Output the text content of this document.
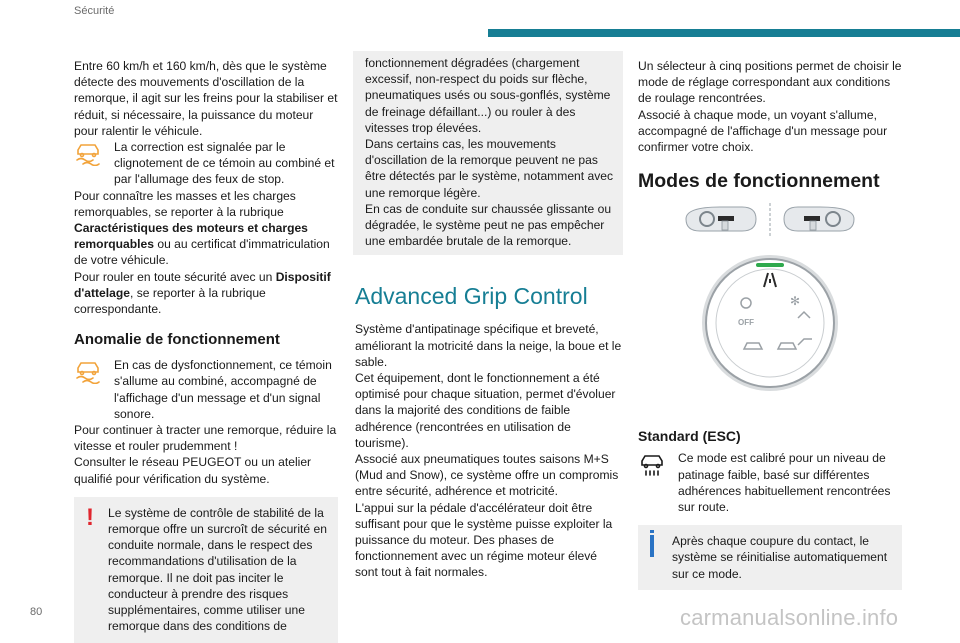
Sécurité

Entre 60 km/h et 160 km/h, dès que le système détecte des mouvements d'oscillation de la remorque, il agit sur les freins pour la stabiliser et réduit, si nécessaire, la puissance du moteur pour ralentir le véhicule.

La correction est signalée par le clignotement de ce témoin au combiné et par l'allumage des feux de stop.

Pour connaître les masses et les charges remorquables, se reporter à la rubrique Caractéristiques des moteurs et charges remorquables ou au certificat d'immatriculation de votre véhicule.

Pour rouler en toute sécurité avec un Dispositif d'attelage, se reporter à la rubrique correspondante.

Anomalie de fonctionnement

En cas de dysfonctionnement, ce témoin s'allume au combiné, accompagné de l'affichage d'un message et d'un signal sonore.

Pour continuer à tracter une remorque, réduire la vitesse et rouler prudemment !

Consulter le réseau PEUGEOT ou un atelier qualifié pour vérification du système.

! Le système de contrôle de stabilité de la remorque offre un surcroît de sécurité en conduite normale, dans le respect des recommandations d'utilisation de la remorque. Il ne doit pas inciter le conducteur à prendre des risques supplémentaires, comme utiliser une remorque dans des conditions de

fonctionnement dégradées (chargement excessif, non-respect du poids sur flèche, pneumatiques usés ou sous-gonflés, système de freinage défaillant...) ou rouler à des vitesses trop élevées.

Dans certains cas, les mouvements d'oscillation de la remorque peuvent ne pas être détectés par le système, notamment avec une remorque légère.

En cas de conduite sur chaussée glissante ou dégradée, le système peut ne pas empêcher une embardée brutale de la remorque.

Advanced Grip Control

Système d'antipatinage spécifique et breveté, améliorant la motricité dans la neige, la boue et le sable.

Cet équipement, dont le fonctionnement a été optimisé pour chaque situation, permet d'évoluer dans la majorité des conditions de faible adhérence (rencontrées en utilisation de tourisme).

Associé aux pneumatiques toutes saisons M+S (Mud and Snow), ce système offre un compromis entre sécurité, adhérence et motricité.

L'appui sur la pédale d'accélérateur doit être suffisant pour que le système puisse exploiter la puissance du moteur. Des phases de fonctionnement avec un régime moteur élevé sont tout à fait normales.

Un sélecteur à cinq positions permet de choisir le mode de réglage correspondant aux conditions de roulage rencontrées.

Associé à chaque mode, un voyant s'allume, accompagné de l'affichage d'un message pour confirmer votre choix.

Modes de fonctionnement
OFF
✻
Standard (ESC)

Ce mode est calibré pour un niveau de patinage faible, basé sur différentes adhérences habituellement rencontrées sur route.

Après chaque coupure du contact, le système se réinitialise automatiquement sur ce mode.

80	carmanualsonline.info
